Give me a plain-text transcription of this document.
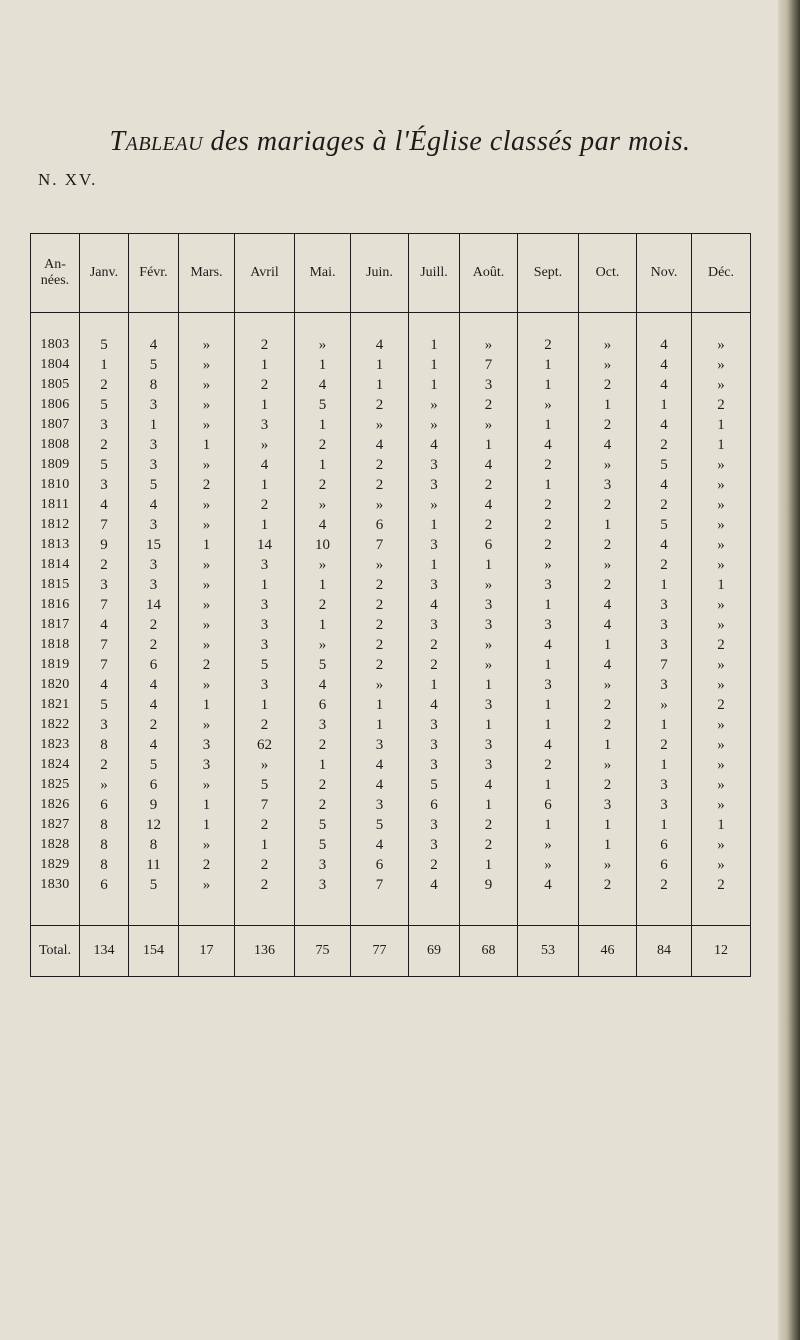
Tableau des mariages à l'Église classés par mois.
N. XV.
An-
nées.	Janv.	Févr.	Mars.	Avril	Mai.	Juin.	Juill.	Août.	Sept.	Oct.	Nov.	Déc.

1803	5	4	»	2	»	4	1	»	2	»	4	»
1804	1	5	»	1	1	1	1	7	1	»	4	»
1805	2	8	»	2	4	1	1	3	1	2	4	»
1806	5	3	»	1	5	2	»	2	»	1	1	2
1807	3	1	»	3	1	»	»	»	1	2	4	1
1808	2	3	1	»	2	4	4	1	4	4	2	1
1809	5	3	»	4	1	2	3	4	2	»	5	»
1810	3	5	2	1	2	2	3	2	1	3	4	»
1811	4	4	»	2	»	»	»	4	2	2	2	»
1812	7	3	»	1	4	6	1	2	2	1	5	»
1813	9	15	1	14	10	7	3	6	2	2	4	»
1814	2	3	»	3	»	»	1	1	»	»	2	»
1815	3	3	»	1	1	2	3	»	3	2	1	1
1816	7	14	»	3	2	2	4	3	1	4	3	»
1817	4	2	»	3	1	2	3	3	3	4	3	»
1818	7	2	»	3	»	2	2	»	4	1	3	2
1819	7	6	2	5	5	2	2	»	1	4	7	»
1820	4	4	»	3	4	»	1	1	3	»	3	»
1821	5	4	1	1	6	1	4	3	1	2	»	2
1822	3	2	»	2	3	1	3	1	1	2	1	»
1823	8	4	3	62	2	3	3	3	4	1	2	»
1824	2	5	3	»	1	4	3	3	2	»	1	»
1825	»	6	»	5	2	4	5	4	1	2	3	»
1826	6	9	1	7	2	3	6	1	6	3	3	»
1827	8	12	1	2	5	5	3	2	1	1	1	1
1828	8	8	»	1	5	4	3	2	»	1	6	»
1829	8	11	2	2	3	6	2	1	»	»	6	»
1830	6	5	»	2	3	7	4	9	4	2	2	2

Total.	134	154	17	136	75	77	69	68	53	46	84	12
